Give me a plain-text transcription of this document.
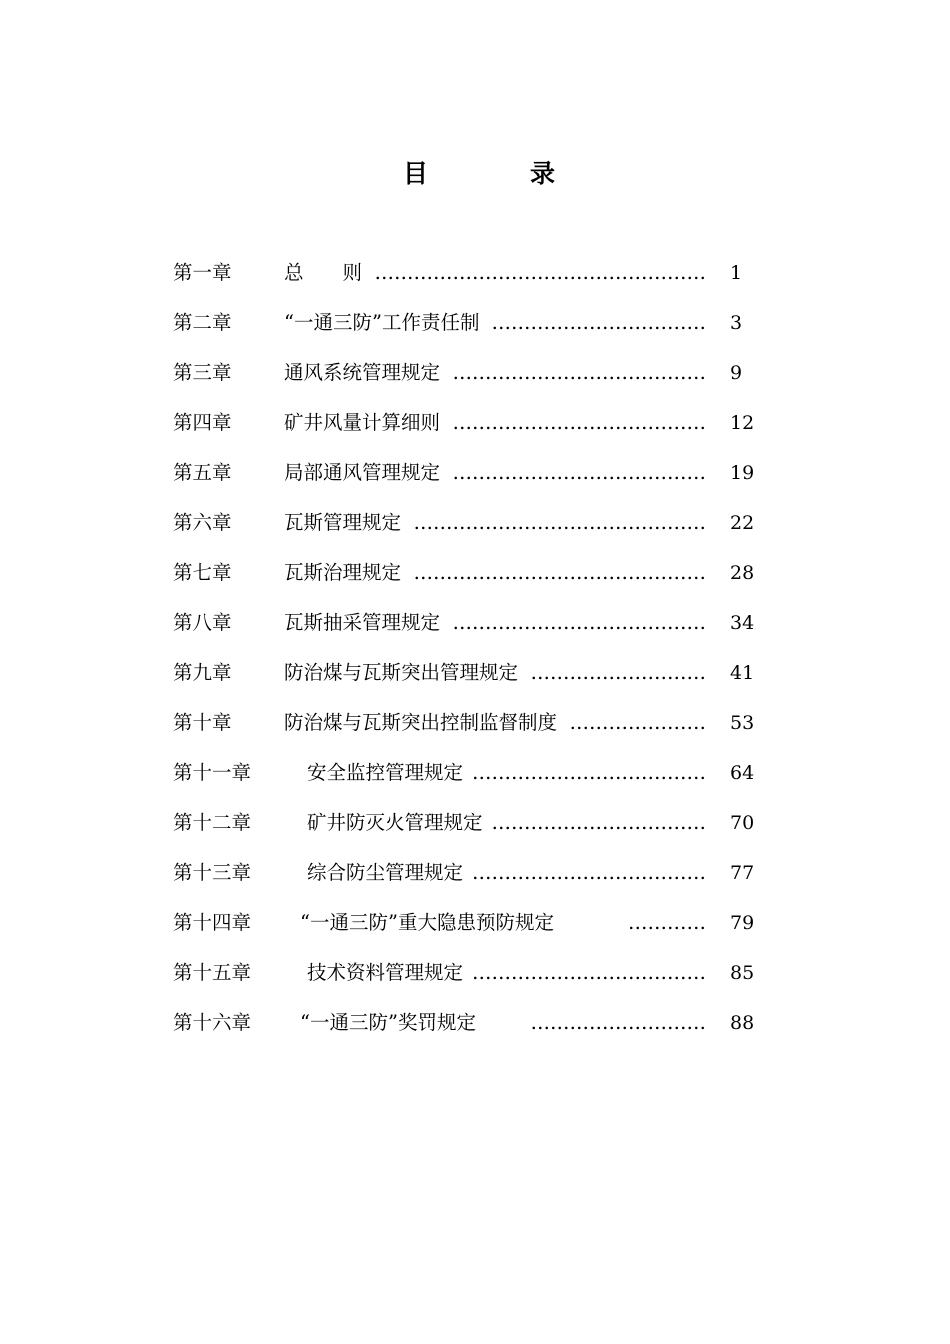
目	录
第一章	总　　则 …………………………………………… 1
第二章	“一通三防”工作责任制 …………………………… 3
第三章	通风系统管理规定 ………………………………… 9
第四章	矿井风量计算细则 ………………………………… 12
第五章	局部通风管理规定 ………………………………… 19
第六章	瓦斯管理规定 ……………………………………… 22
第七章	瓦斯治理规定 ……………………………………… 28
第八章	瓦斯抽采管理规定 ………………………………… 34
第九章	防治煤与瓦斯突出管理规定 ……………………… 41
第十章	防治煤与瓦斯突出控制监督制度 ………………… 53
第十一章	安全监控管理规定 ……………………………… 64
第十二章	矿井防灭火管理规定 …………………………… 70
第十三章	综合防尘管理规定 ……………………………… 77
第十四章	“一通三防”重大隐患预防规定	………… 79
第十五章	技术资料管理规定 ……………………………… 85
第十六章	“一通三防”奖罚规定	……………………… 88
